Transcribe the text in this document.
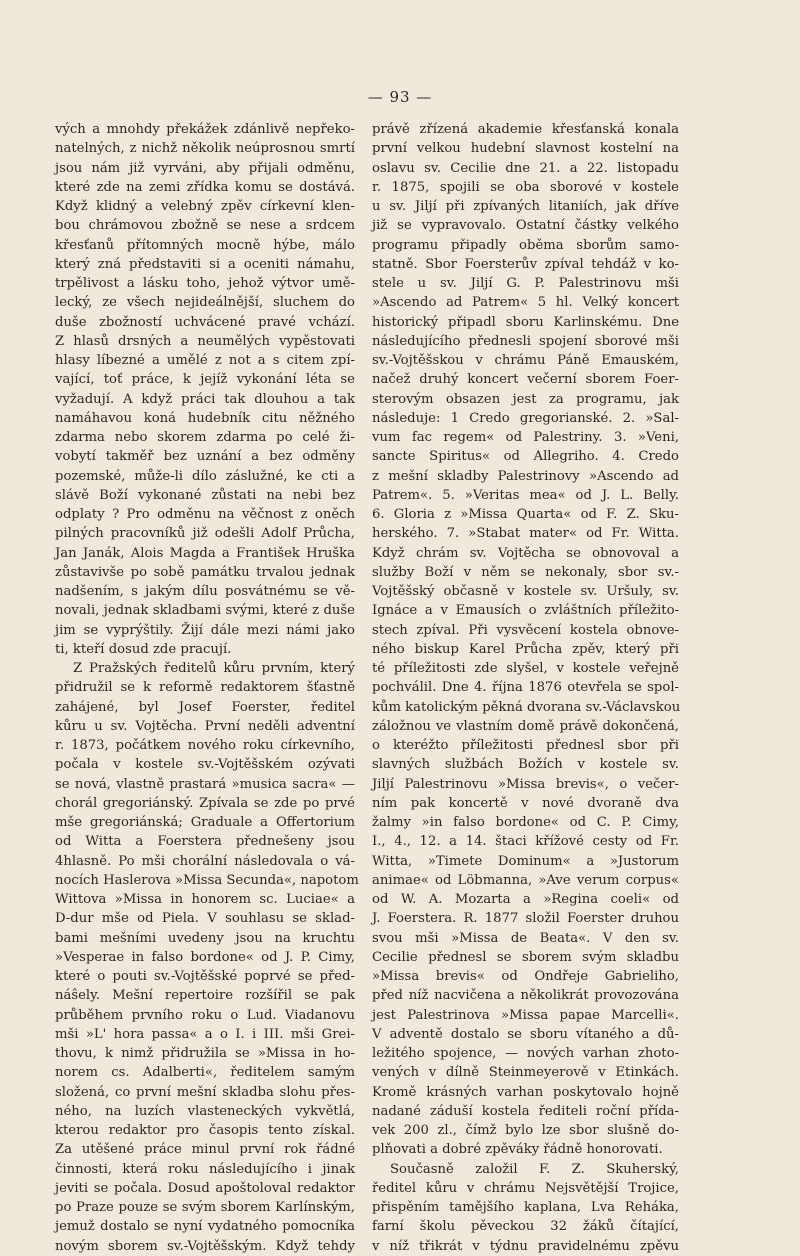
— 93 —
vých a mnohdy překážek zdánlivě nepřeko-
natelných, z nichž několik neúprosnou smrtí
jsou nám již vyrváni, aby přijali odměnu,
které zde na zemi zřídka komu se dostává.
Když klidný a velebný zpěv církevní klen-
bou chrámovou zbožně se nese a srdcem
křesťanů přítomných mocně hýbe, málo
který zná představiti si a oceniti námahu,
trpělivost a lásku toho, jehož výtvor umě-
lecký, ze všech nejideálnější, sluchem do
duše zbožností uchvácené pravé vchází.
Z hlasů drsných a neumělých vypěstovati
hlasy líbezné a umělé z not a s citem zpí-
vající, toť práce, k jejíž vykonání léta se
vyžadují. A když práci tak dlouhou a tak
namáhavou koná hudebník citu něžného
zdarma nebo skorem zdarma po celé ži-
vobytí takměř bez uznání a bez odměny
pozemské, může-li dílo záslužné, ke cti a
slávě Boží vykonané zůstati na nebi bez
odplaty ? Pro odměnu na věčnost z oněch
pilných pracovníků již odešli Adolf Průcha,
Jan Janák, Alois Magda a František Hruška
zůstavivše po sobě památku trvalou jednak
nadšením, s jakým dílu posvátnému se vě-
novali, jednak skladbami svými, které z duše
jim se vyprýštily. Žijí dále mezi námi jako
ti, kteří dosud zde pracují.
Z Pražských ředitelů kůru prvním, který
přidružil se k reformě redaktorem šťastně
zahájené, byl Josef Foerster, ředitel
kůru u sv. Vojtěcha. První neděli adventní
r. 1873, počátkem nového roku církevního,
počala v kostele sv.-Vojtěšském ozývati
se nová, vlastně prastará »musica sacra« —
chorál gregoriánský. Zpívala se zde po prvé
mše gregoriánská; Graduale a Offertorium
od Witta a Foerstera přednešeny jsou
4hlasně. Po mši chorální následovala o vá-
nocích Haslerova »Missa Secunda«, napotom
Wittova »Missa in honorem sc. Luciae« a
D-dur mše od Piela. V souhlasu se sklad-
bami mešními uvedeny jsou na kruchtu
»Vesperae in falso bordone« od J. P. Cimy,
které o pouti sv.-Vojtěšské poprvé se před-
náŝely. Mešní repertoire rozšířil se pak
průběhem prvního roku o Lud. Viadanovu
mši »L' hora passa« a o I. i III. mši Grei-
thovu, k nimž přidružila se »Missa in ho-
norem cs. Adalberti«, ředitelem samým
složená, co první mešní skladba slohu přes-
ného, na luzích vlasteneckých vykvětlá,
kterou redaktor pro časopis tento získal.
Za utěšené práce minul první rok řádné
činnosti, která roku následujícího i jinak
jeviti se počala. Dosud apoštoloval redaktor
po Praze pouze se svým sborem Karlínským,
jemuž dostalo se nyní vydatného pomocníka
novým sborem sv.-Vojtěšským. Když tehdy
právě zřízená akademie křesťanská konala
první velkou hudební slavnost kostelní na
oslavu sv. Cecilie dne 21. a 22. listopadu
r. 1875, spojili se oba sborové v kostele
u sv. Jiljí při zpívaných litaniích, jak dříve
již se vypravovalo. Ostatní částky velkého
programu připadly oběma sborům samo-
statně. Sbor Foersterův zpíval tehdáž v ko-
stele u sv. Jiljí G. P. Palestrinovu mši
»Ascendo ad Patrem« 5 hl. Velký koncert
historický připadl sboru Karlinskému. Dne
následujícího přednesli spojení sborové mši
sv.-Vojtěšskou v chrámu Páně Emauském,
načež druhý koncert večerní sborem Foer-
sterovým obsazen jest za programu, jak
následuje: 1 Credo gregorianské. 2. »Sal-
vum fac regem« od Palestriny. 3. »Veni,
sancte Spiritus« od Allegriho. 4. Credo
z mešní skladby Palestrinovy »Ascendo ad
Patrem«. 5. »Veritas mea« od J. L. Belly.
6. Gloria z »Missa Quarta« od F. Z. Sku-
herského. 7. »Stabat mater« od Fr. Witta.
Když chrám sv. Vojtěcha se obnovoval a
služby Boží v něm se nekonaly, sbor sv.-
Vojtěšský občasně v kostele sv. Uršuly, sv.
Ignáce a v Emausích o zvláštních příležito-
stech zpíval. Při vysvěcení kostela obnove-
ného biskup Karel Průcha zpěv, který při
té příležitosti zde slyšel, v kostele veřejně
pochválil. Dne 4. října 1876 otevřela se spol-
kům katolickým pěkná dvorana sv.-Václavskou
záložnou ve vlastním domě právě dokončená,
o kteréžto příležitosti přednesl sbor při
slavných službách Božích v kostele sv.
Jiljí Palestrinovu »Missa brevis«, o večer-
ním pak koncertě v nové dvoraně dva
žalmy »in falso bordone« od C. P. Cimy,
I., 4., 12. a 14. štaci křížové cesty od Fr.
Witta, »Timete Dominum« a »Justorum
animae« od Löbmanna, »Ave verum corpus«
od W. A. Mozarta a »Regina coeli« od
J. Foerstera. R. 1877 složil Foerster druhou
svou mši »Missa de Beata«. V den sv.
Cecilie přednesl se sborem svým skladbu
»Missa brevis« od Ondřeje Gabrieliho,
před níž nacvičena a několikrát provozována
jest Palestrinova »Missa papae Marcelli«.
V adventě dostalo se sboru vítaného a dů-
ležitého spojence, — nových varhan zhoto-
vených v dílně Steinmeyerově v Etinkách.
Kromě krásných varhan poskytovalo hojně
nadané záduší kostela řediteli roční přída-
vek 200 zl., čímž bylo lze sbor slušně do-
plňovati a dobré zpěváky řádně honorovati.
Současně založil F. Z. Skuherský,
ředitel kůru v chrámu Nejsvětější Trojice,
přispěním tamějšího kaplana, Lva Reháka,
farní školu pěveckou 32 žáků čítající,
v níž třikrát v týdnu pravidelnému zpěvu
